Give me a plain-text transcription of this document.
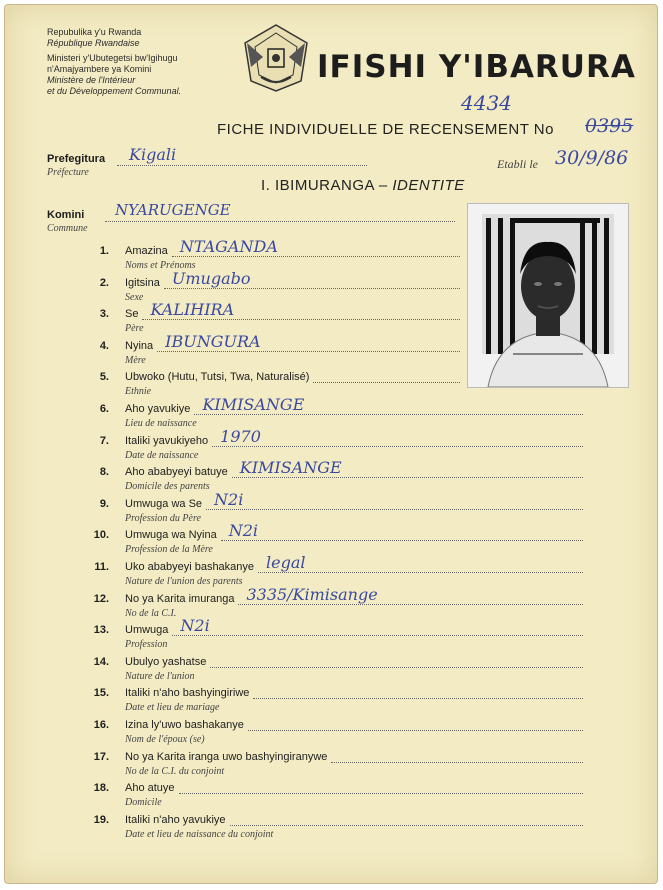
Repubulika y'u Rwanda
République Rwandaise
Ministeri y'Ubutegetsi bw'Igihugu
n'Amajyambere ya Komini
Ministère de l'Intérieur
et du Développement Communal.
IFISHI Y'IBARURA
4434
FICHE INDIVIDUELLE DE RECENSEMENT No 0395
Prefegitura
Préfecture
Kigali	Etabli le 30/9/86
I. IBIMURANGA – IDENTITE
Komini
Commune
NYARUGENGE
1. Amazina
Noms et Prénoms
NTAGANDA
2. Igitsina
Sexe
Umugabo
3. Se
Père
KALIHIRA
4. Nyina
Mère
IBUNGURA
5. Ubwoko (Hutu, Tutsi, Twa, Naturalisé)
Ethnie
6. Aho yavukiye
Lieu de naissance
KIMISANGE
7. Italiki yavukiyeho
Date de naissance
1970
8. Aho ababyeyi batuye
Domicile des parents
KIMISANGE
9. Umwuga wa Se
Profession du Père
N2i
10. Umwuga wa Nyina
Profession de la Mère
N2i
11. Uko ababyeyi bashakanye
Nature de l'union des parents
legal
12. No ya Karita imuranga
No de la C.I.
3335/Kimisange
13. Umwuga
Profession
N2i
14. Ubulyo yashatse
Nature de l'union
15. Italiki n'aho bashyingiriwe
Date et lieu de mariage
16. Izina ly'uwo bashakanye
Nom de l'époux (se)
17. No ya Karita iranga uwo bashyingiranywe
No de la C.I. du conjoint
18. Aho atuye
Domicile
19. Italiki n'aho yavukiye
Date et lieu de naissance du conjoint
